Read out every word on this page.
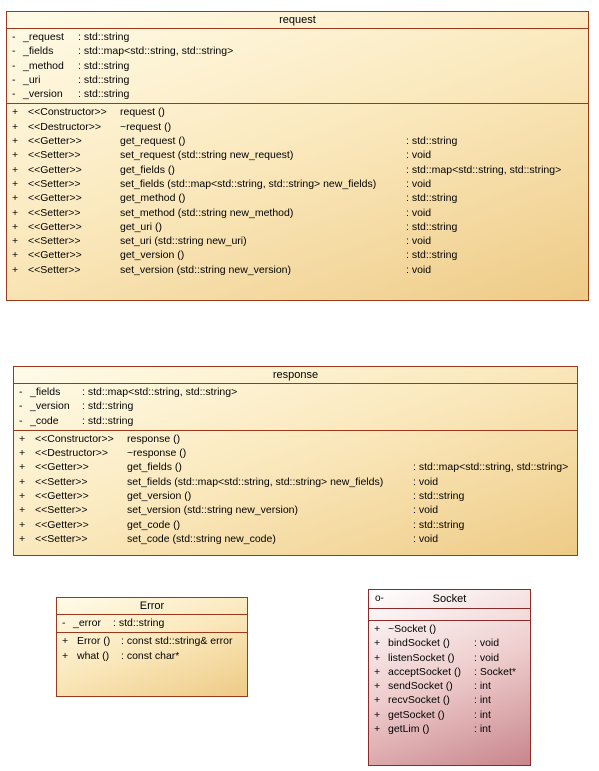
request
- _request : std::string
- _fields : std::map<std::string, std::string>
- _method : std::string
- _uri	: std::string
- _version : std::string
+ <<Constructor>> request ()
+ <<Destructor>> ~request ()
+ <<Getter>>	get_request ()	: std::string
+ <<Setter>>	set_request (std::string new_request)	: void
+ <<Getter>>	get_fields ()	: std::map<std::string, std::string>
+ <<Setter>>	set_fields (std::map<std::string, std::string> new_fields)	: void
+ <<Getter>>	get_method ()	: std::string
+ <<Setter>>	set_method (std::string new_method)	: void
+ <<Getter>>	get_uri ()	: std::string
+ <<Setter>>	set_uri (std::string new_uri)	: void
+ <<Getter>>	get_version ()	: std::string
+ <<Setter>>	set_version (std::string new_version)	: void
response
- _fields : std::map<std::string, std::string>
- _version : std::string
- _code : std::string
+ <<Constructor>> response ()
+ <<Destructor>> ~response ()
+ <<Getter>>	get_fields ()	: std::map<std::string, std::string>
+ <<Setter>>	set_fields (std::map<std::string, std::string> new_fields)	: void
+ <<Getter>>	get_version ()	: std::string
+ <<Setter>>	set_version (std::string new_version)	: void
+ <<Getter>>	get_code ()	: std::string
+ <<Setter>>	set_code (std::string new_code)	: void
Error
- _error : std::string
+ Error () : const std::string& error
+ what () : const char*
o-	Socket
+ ~Socket ()
+ bindSocket () : void
+ listenSocket () : void
+ acceptSocket () : Socket*
+ sendSocket () : int
+ recvSocket () : int
+ getSocket ()	: int
+ getLim ()	: int
